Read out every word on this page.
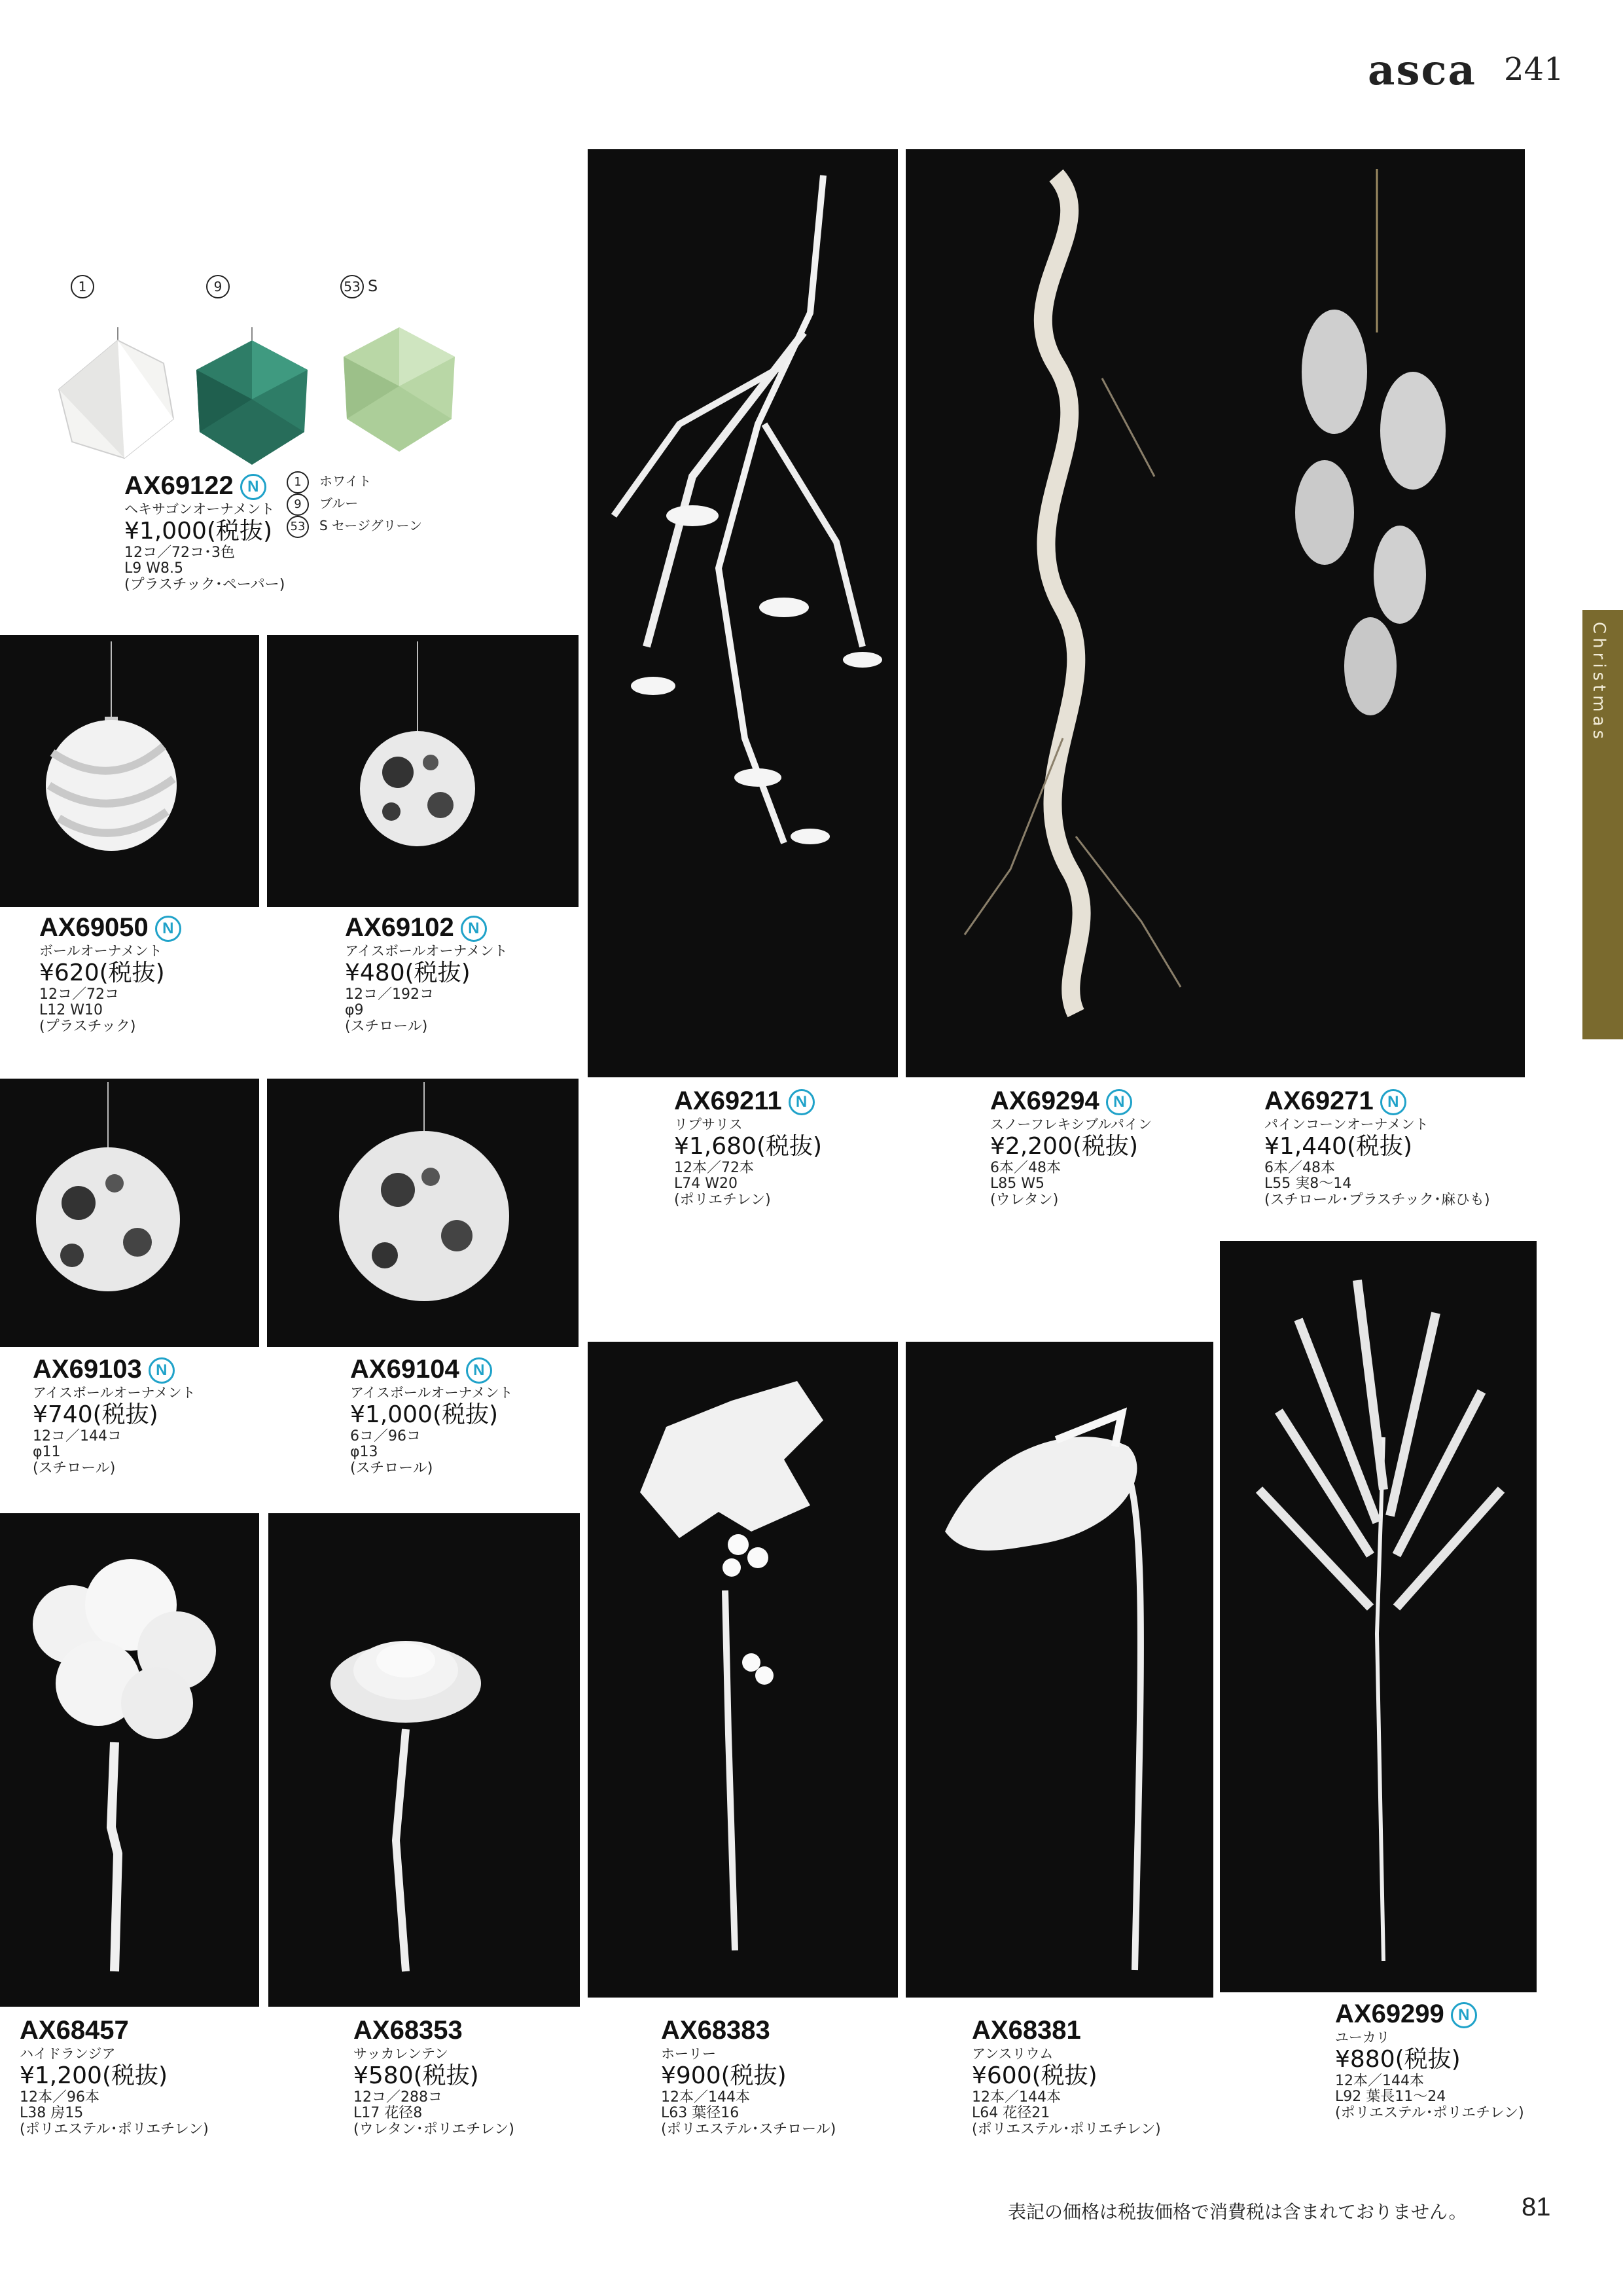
asca 241
Christmas
1	9	53 S
AX69122 N
ヘキサゴンオーナメント
¥1,000(税抜)
12コ／72コ･3色
L9 W8.5
(プラスチック･ペーパー)
1 ホワイト
9 ブルー
53 S セージグリーン
AX69050 N
ボールオーナメント
¥620(税抜)
12コ／72コ
L12 W10
(プラスチック)
AX69102 N
アイスボールオーナメント
¥480(税抜)
12コ／192コ
φ9
(スチロール)
AX69103 N
アイスボールオーナメント
¥740(税抜)
12コ／144コ
φ11
(スチロール)
AX69104 N
アイスボールオーナメント
¥1,000(税抜)
6コ／96コ
φ13
(スチロール)
AX69211 N
リプサリス
¥1,680(税抜)
12本／72本
L74 W20
(ポリエチレン)
AX69294 N
スノーフレキシブルパイン
¥2,200(税抜)
6本／48本
L85 W5
(ウレタン)
AX69271 N
パインコーンオーナメント
¥1,440(税抜)
6本／48本
L55 実8〜14
(スチロール･プラスチック･麻ひも)
AX68457
ハイドランジア
¥1,200(税抜)
12本／96本
L38 房15
(ポリエステル･ポリエチレン)
AX68353
サッカレンテン
¥580(税抜)
12コ／288コ
L17 花径8
(ウレタン･ポリエチレン)
AX68383
ホーリー
¥900(税抜)
12本／144本
L63 葉径16
(ポリエステル･スチロール)
AX68381
アンスリウム
¥600(税抜)
12本／144本
L64 花径21
(ポリエステル･ポリエチレン)
AX69299 N
ユーカリ
¥880(税抜)
12本／144本
L92 葉長11〜24
(ポリエステル･ポリエチレン)
表記の価格は税抜価格で消費税は含まれておりません。 81
